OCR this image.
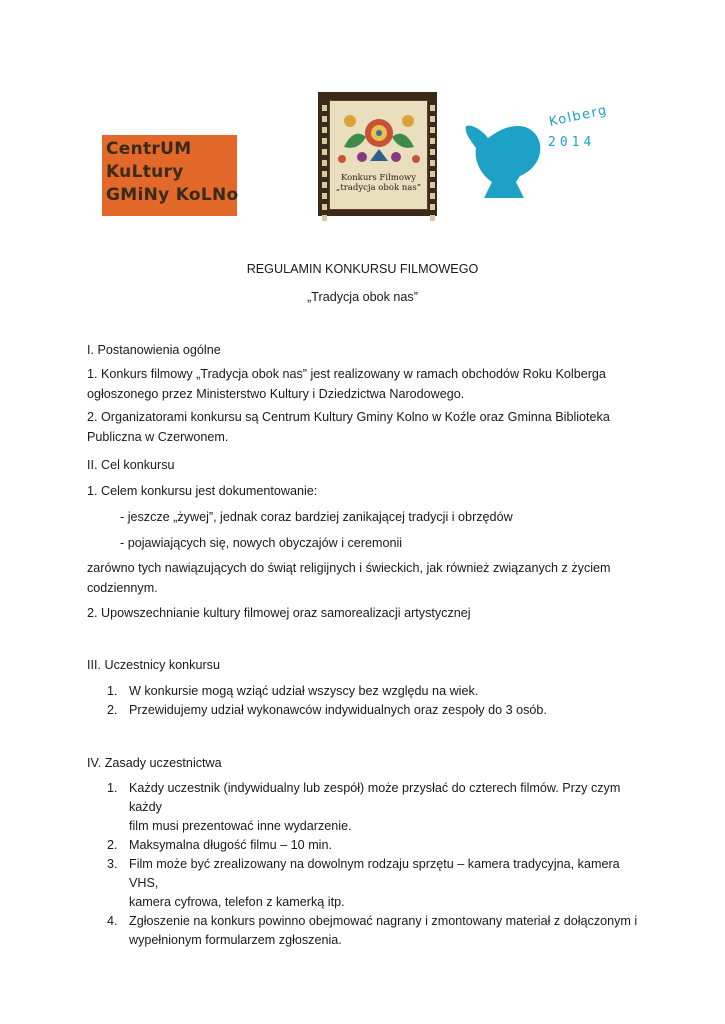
CentrUM
KuLtury
GMiNy KoLNo
Konkurs Filmowy
„tradycja obok nas”
Kolberg
2014
REGULAMIN KONKURSU FILMOWEGO
„Tradycja obok nas”
I. Postanowienia ogólne
1. Konkurs filmowy „Tradycja obok nas” jest realizowany w ramach obchodów Roku Kolberga
ogłoszonego przez Ministerstwo Kultury i Dziedzictwa Narodowego.
2. Organizatorami konkursu są Centrum Kultury Gminy Kolno w Koźle oraz Gminna Biblioteka
Publiczna w Czerwonem.
II. Cel konkursu
1. Celem konkursu jest dokumentowanie:
- jeszcze „żywej”, jednak coraz bardziej zanikającej tradycji i obrzędów
- pojawiających się, nowych obyczajów i ceremonii
zarówno tych nawiązujących do świąt religijnych i świeckich, jak również związanych z życiem
codziennym.
2. Upowszechnianie kultury filmowej oraz samorealizacji artystycznej
III. Uczestnicy konkursu
1. W konkursie mogą wziąć udział wszyscy bez względu na wiek.
2. Przewidujemy udział wykonawców indywidualnych oraz zespoły do 3 osób.
IV. Zasady uczestnictwa
1. Każdy uczestnik (indywidualny lub zespół) może przysłać do czterech filmów. Przy czym każdy
film musi prezentować inne wydarzenie.
2. Maksymalna długość filmu – 10 min.
3. Film może być zrealizowany na dowolnym rodzaju sprzętu – kamera tradycyjna, kamera VHS,
kamera cyfrowa, telefon z kamerką itp.
4. Zgłoszenie na konkurs powinno obejmować nagrany i zmontowany materiał z dołączonym i
wypełnionym formularzem zgłoszenia.
